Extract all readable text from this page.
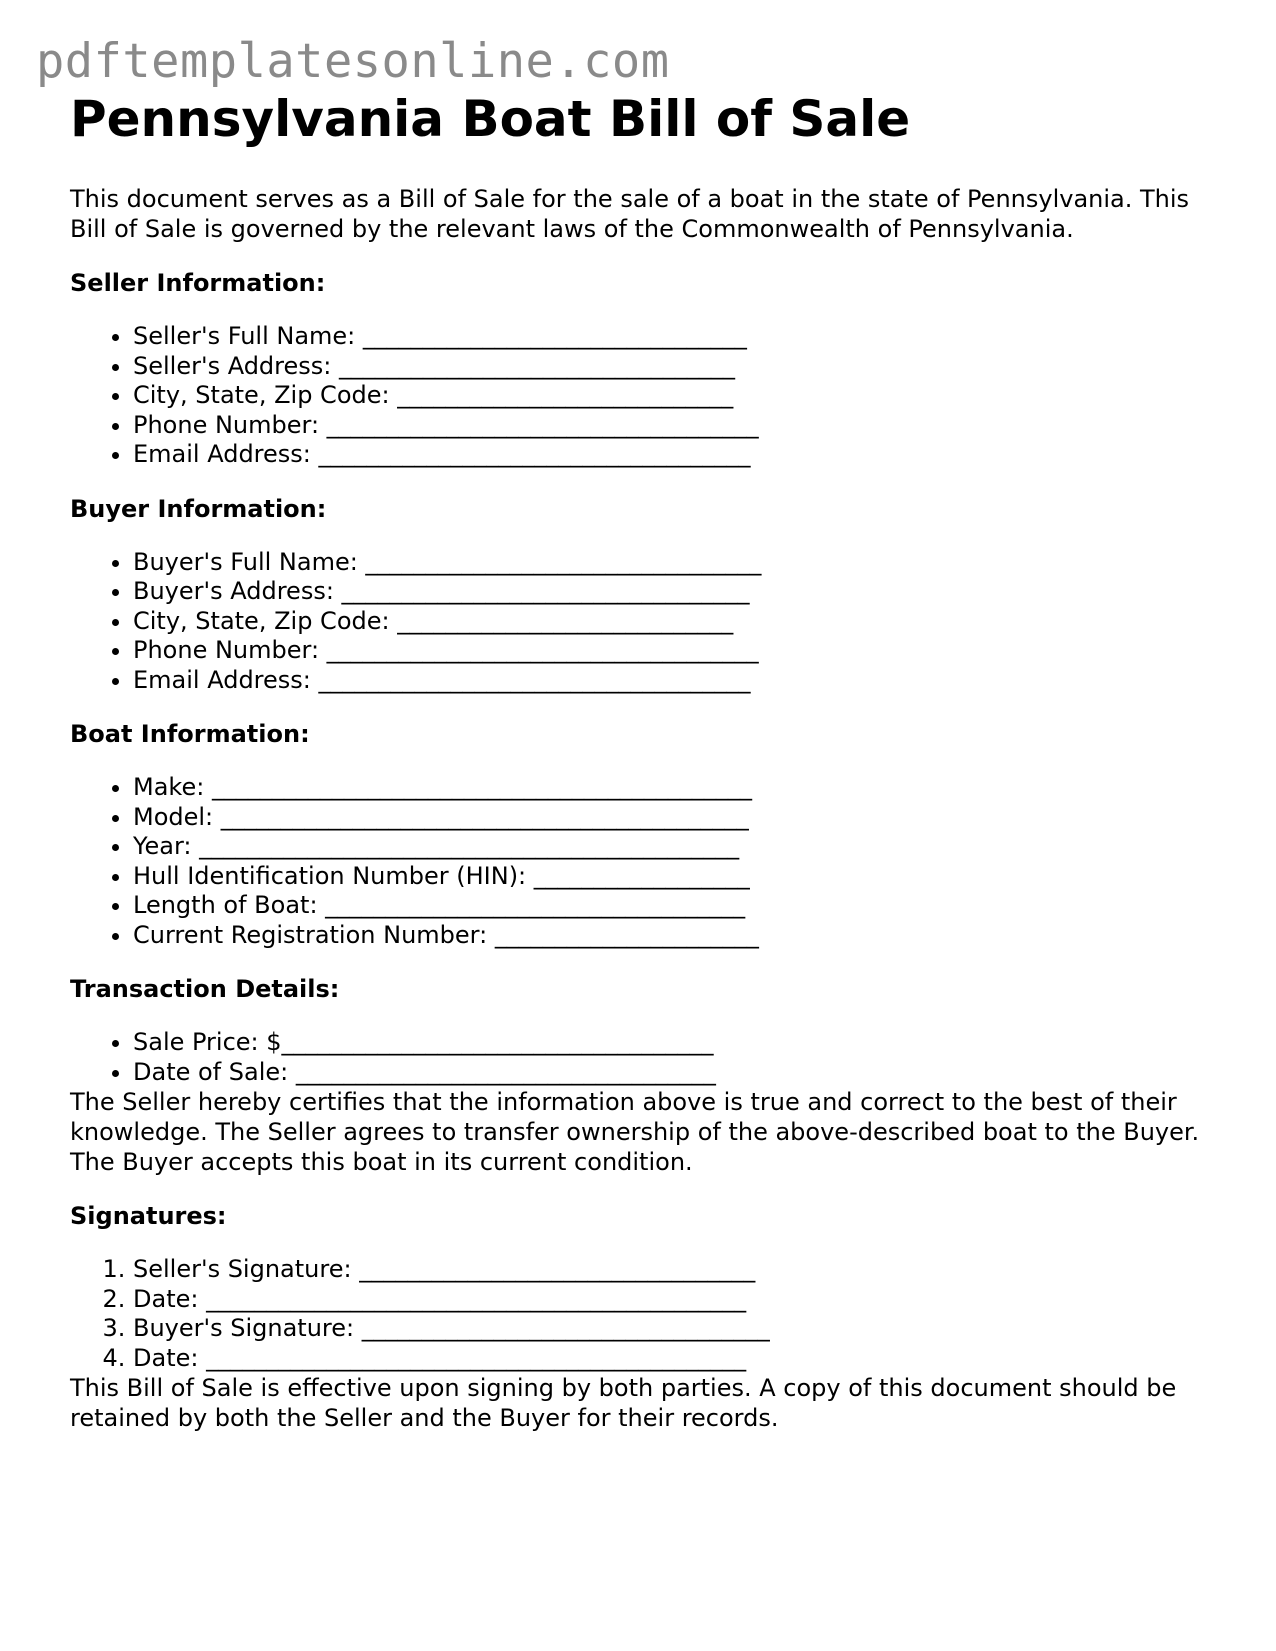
pdftemplatesonline.com
Pennsylvania Boat Bill of Sale

This document serves as a Bill of Sale for the sale of a boat in the state of Pennsylvania. This Bill of Sale is governed by the relevant laws of the Commonwealth of Pennsylvania.

Seller Information:
• Seller's Full Name: ________________________________
• Seller's Address: _________________________________
• City, State, Zip Code: ____________________________
• Phone Number: ____________________________________
• Email Address: ____________________________________
Buyer Information:
• Buyer's Full Name: _________________________________
• Buyer's Address: __________________________________
• City, State, Zip Code: ____________________________
• Phone Number: ____________________________________
• Email Address: ____________________________________
Boat Information:
• Make: _____________________________________________
• Model: ____________________________________________
• Year: _____________________________________________
• Hull Identification Number (HIN): __________________
• Length of Boat: ___________________________________
• Current Registration Number: ______________________
Transaction Details:
• Sale Price: $____________________________________
• Date of Sale: ___________________________________

The Seller hereby certifies that the information above is true and correct to the best of their knowledge. The Seller agrees to transfer ownership of the above-described boat to the Buyer. The Buyer accepts this boat in its current condition.

Signatures:
1. Seller's Signature: _________________________________
2. Date: _____________________________________________
3. Buyer's Signature: __________________________________
4. Date: _____________________________________________

This Bill of Sale is effective upon signing by both parties. A copy of this document should be retained by both the Seller and the Buyer for their records.
